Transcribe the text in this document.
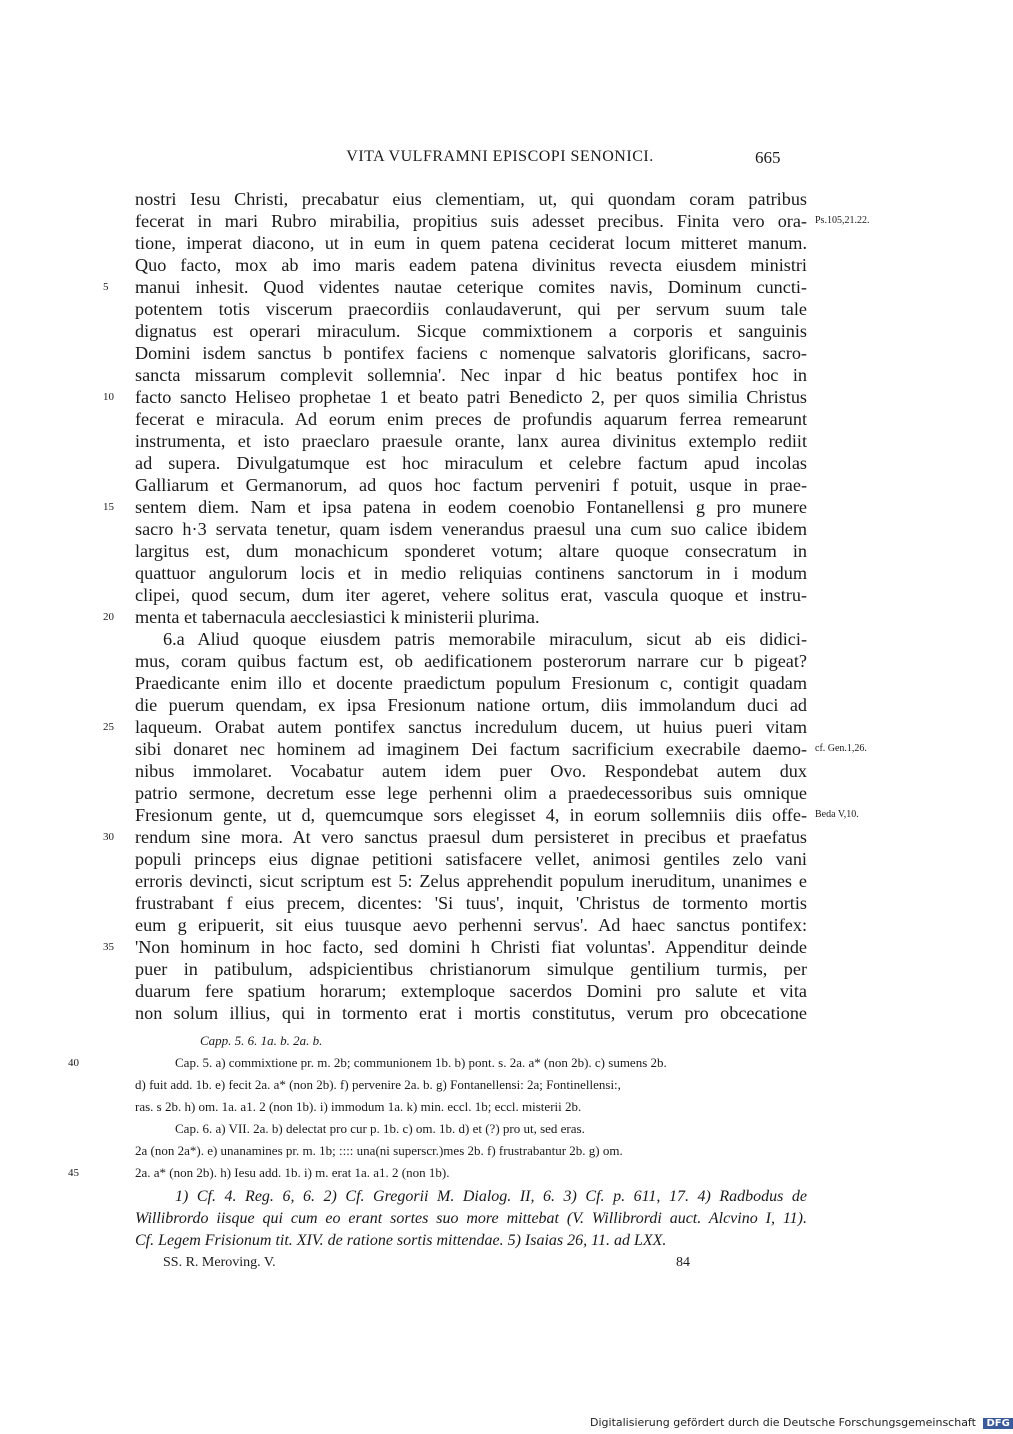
VITA VULFRAMNI EPISCOPI SENONICI.	665
nostri Iesu Christi, precabatur eius clementiam, ut, qui quondam coram patribus
Ps.105,21.22.
fecerat in mari Rubro mirabilia, propitius suis adesset precibus. Finita vero ora-
tione, imperat diacono, ut in eum in quem patena ceciderat locum mitteret manum.
Quo facto, mox ab imo maris eadem patena divinitus revecta eiusdem ministri
5	manui inhesit. Quod videntes nautae ceterique comites navis, Dominum cuncti-
potentem totis viscerum praecordiis conlaudaverunt, qui per servum suum tale
dignatus est operari miraculum. Sicque commixtionem a corporis et sanguinis
Domini isdem sanctus b pontifex faciens c nomenque salvatoris glorificans, sacro-
sancta missarum complevit sollemnia'. Nec inpar d hic beatus pontifex hoc in
10	facto sancto Heliseo prophetae 1 et beato patri Benedicto 2, per quos similia Christus
fecerat e miracula. Ad eorum enim preces de profundis aquarum ferrea remearunt
instrumenta, et isto praeclaro praesule orante, lanx aurea divinitus extemplo rediit
ad supera. Divulgatumque est hoc miraculum et celebre factum apud incolas
Galliarum et Germanorum, ad quos hoc factum perveniri f potuit, usque in prae-
15	sentem diem. Nam et ipsa patena in eodem coenobio Fontanellensi g pro munere
sacro h·3 servata tenetur, quam isdem venerandus praesul una cum suo calice ibidem
largitus est, dum monachicum sponderet votum; altare quoque consecratum in
quattuor angulorum locis et in medio reliquias continens sanctorum in i modum
clipei, quod secum, dum iter ageret, vehere solitus erat, vascula quoque et instru-
20	menta et tabernacula aecclesiastici k ministerii plurima.
6.a Aliud quoque eiusdem patris memorabile miraculum, sicut ab eis didici-
mus, coram quibus factum est, ob aedificationem posterorum narrare cur b pigeat?
Praedicante enim illo et docente praedictum populum Fresionum c, contigit quadam
die puerum quendam, ex ipsa Fresionum natione ortum, diis immolandum duci ad
25	laqueum. Orabat autem pontifex sanctus incredulum ducem, ut huius pueri vitam
cf. Gen.1,26.
sibi donaret nec hominem ad imaginem Dei factum sacrificium execrabile daemo-
nibus immolaret. Vocabatur autem idem puer Ovo. Respondebat autem dux
patrio sermone, decretum esse lege perhenni olim a praedecessoribus suis omnique
Beda V,10.
Fresionum gente, ut d, quemcumque sors elegisset 4, in eorum sollemniis diis offe-
30	rendum sine mora. At vero sanctus praesul dum persisteret in precibus et praefatus
populi princeps eius dignae petitioni satisfacere vellet, animosi gentiles zelo vani
erroris devincti, sicut scriptum est 5: Zelus apprehendit populum ineruditum, unanimes e
frustrabant f eius precem, dicentes: 'Si tuus', inquit, 'Christus de tormento mortis
eum g eripuerit, sit eius tuusque aevo perhenni servus'. Ad haec sanctus pontifex:
35	'Non hominum in hoc facto, sed domini h Christi fiat voluntas'. Appenditur deinde
puer in patibulum, adspicientibus christianorum simulque gentilium turmis, per
duarum fere spatium horarum; extemploque sacerdos Domini pro salute et vita
non solum illius, qui in tormento erat i mortis constitutus, verum pro obcecatione
Capp. 5. 6. 1a. b. 2a. b.
40	Cap. 5. a) commixtione pr. m. 2b; communionem 1b. b) pont. s. 2a. a* (non 2b). c) sumens 2b.
d) fuit add. 1b. e) fecit 2a. a* (non 2b). f) pervenire 2a. b. g) Fontanellensi: 2a; Fontinellensi:,
ras. s 2b. h) om. 1a. a1. 2 (non 1b). i) immodum 1a. k) min. eccl. 1b; eccl. misterii 2b.
Cap. 6. a) VII. 2a. b) delectat pro cur p. 1b. c) om. 1b. d) et (?) pro ut, sed eras.
2a (non 2a*). e) unanamines pr. m. 1b; :::: una(ni superscr.)mes 2b. f) frustrabantur 2b. g) om.
45	2a. a* (non 2b). h) Iesu add. 1b. i) m. erat 1a. a1. 2 (non 1b).
1) Cf. 4. Reg. 6, 6. 2) Cf. Gregorii M. Dialog. II, 6. 3) Cf. p. 611, 17. 4) Radbodus de
Willibrordo iisque qui cum eo erant sortes suo more mittebat (V. Willibrordi auct. Alcvino I, 11).
Cf. Legem Frisionum tit. XIV. de ratione sortis mittendae. 5) Isaias 26, 11. ad LXX.
SS. R. Meroving. V.	84
Digitalisierung gefördert durch die Deutsche Forschungsgemeinschaft DFG
